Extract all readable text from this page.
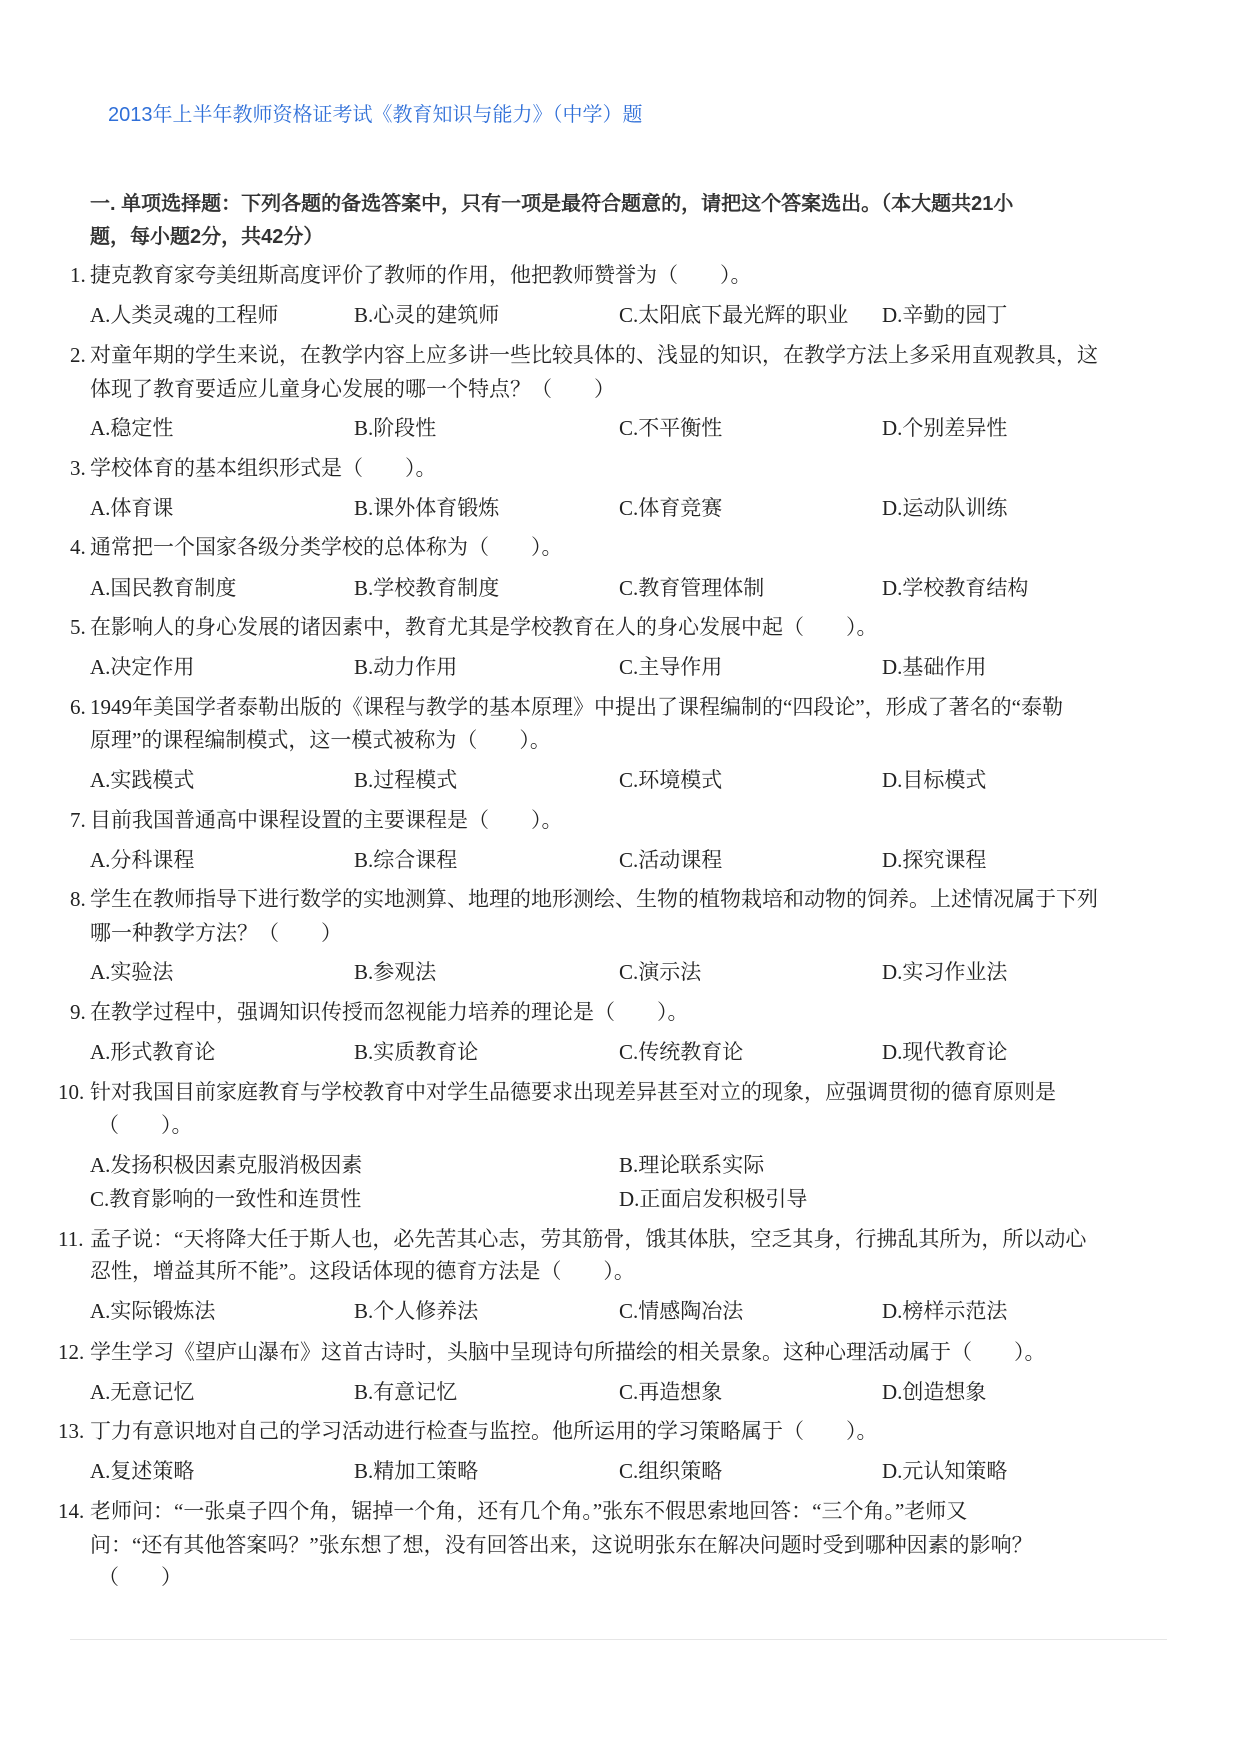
2013年上半年教师资格证考试《教育知识与能力》（中学）题
一. 单项选择题：下列各题的备选答案中，只有一项是最符合题意的，请把这个答案选出。（本大题共21小
题，每小题2分，共42分）
1. 捷克教育家夸美纽斯高度评价了教师的作用，他把教师赞誉为（　　）。
A.人类灵魂的工程师	B.心灵的建筑师	C.太阳底下最光辉的职业 D.辛勤的园丁
2. 对童年期的学生来说，在教学内容上应多讲一些比较具体的、浅显的知识，在教学方法上多采用直观教具，这
体现了教育要适应儿童身心发展的哪一个特点？（　　）
A.稳定性	B.阶段性	C.不平衡性	D.个别差异性
3. 学校体育的基本组织形式是（　　）。
A.体育课	B.课外体育锻炼	C.体育竞赛	D.运动队训练
4. 通常把一个国家各级分类学校的总体称为（　　）。
A.国民教育制度	B.学校教育制度	C.教育管理体制	D.学校教育结构
5. 在影响人的身心发展的诸因素中，教育尤其是学校教育在人的身心发展中起（　　）。
A.决定作用	B.动力作用	C.主导作用	D.基础作用
6. 1949年美国学者泰勒出版的《课程与教学的基本原理》中提出了课程编制的“四段论”，形成了著名的“泰勒
原理”的课程编制模式，这一模式被称为（　　）。
A.实践模式	B.过程模式	C.环境模式	D.目标模式
7. 目前我国普通高中课程设置的主要课程是（　　）。
A.分科课程	B.综合课程	C.活动课程	D.探究课程
8. 学生在教师指导下进行数学的实地测算、地理的地形测绘、生物的植物栽培和动物的饲养。上述情况属于下列
哪一种教学方法？（　　）
A.实验法	B.参观法	C.演示法	D.实习作业法
9. 在教学过程中，强调知识传授而忽视能力培养的理论是（　　）。
A.形式教育论	B.实质教育论	C.传统教育论	D.现代教育论
10. 针对我国目前家庭教育与学校教育中对学生品德要求出现差异甚至对立的现象，应强调贯彻的德育原则是
（　　）。
A.发扬积极因素克服消极因素	B.理论联系实际
C.教育影响的一致性和连贯性	D.正面启发积极引导
11. 孟子说：“天将降大任于斯人也，必先苦其心志，劳其筋骨，饿其体肤，空乏其身，行拂乱其所为，所以动心
忍性，增益其所不能”。这段话体现的德育方法是（　　）。
A.实际锻炼法	B.个人修养法	C.情感陶冶法	D.榜样示范法
12. 学生学习《望庐山瀑布》这首古诗时，头脑中呈现诗句所描绘的相关景象。这种心理活动属于（　　）。
A.无意记忆	B.有意记忆	C.再造想象	D.创造想象
13. 丁力有意识地对自己的学习活动进行检查与监控。他所运用的学习策略属于（　　）。
A.复述策略	B.精加工策略	C.组织策略	D.元认知策略
14. 老师问：“一张桌子四个角，锯掉一个角，还有几个角。”张东不假思索地回答：“三个角。”老师又
问：“还有其他答案吗？”张东想了想，没有回答出来，这说明张东在解决问题时受到哪种因素的影响？
（　　）
